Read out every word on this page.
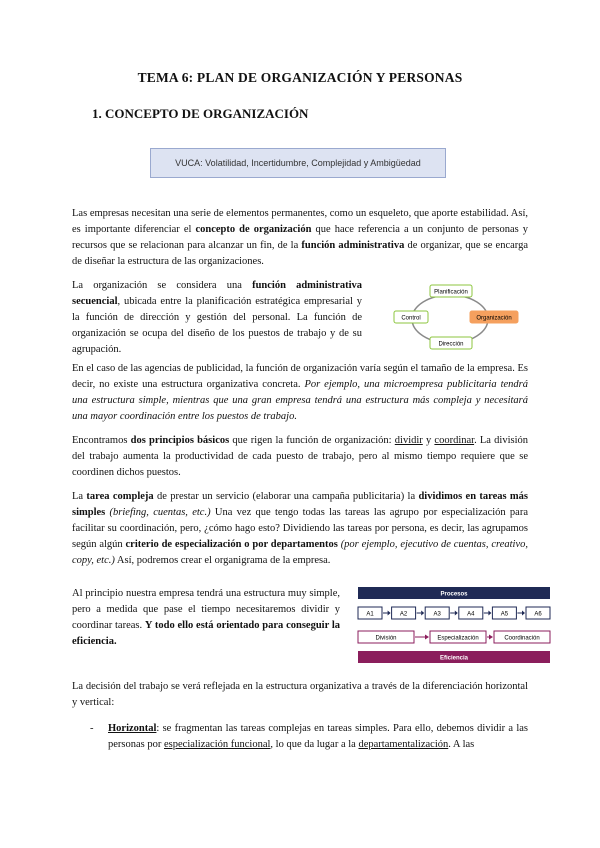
TEMA 6: PLAN DE ORGANIZACIÓN Y PERSONAS
1. CONCEPTO DE ORGANIZACIÓN
VUCA: Volatilidad, Incertidumbre, Complejidad y Ambigüedad
Las empresas necesitan una serie de elementos permanentes, como un esqueleto, que aporte estabilidad. Así, es importante diferenciar el concepto de organización que hace referencia a un conjunto de personas y recursos que se relacionan para alcanzar un fin, de la función administrativa de organizar, que se encarga de diseñar la estructura de las organizaciones.
La organización se considera una función administrativa secuencial, ubicada entre la planificación estratégica empresarial y la función de dirección y gestión del personal. La función de organización se ocupa del diseño de los puestos de trabajo y de su agrupación.
Planificación
Control	Organización
Dirección
En el caso de las agencias de publicidad, la función de organización varía según el tamaño de la empresa. Es decir, no existe una estructura organizativa concreta. Por ejemplo, una microempresa publicitaria tendrá una estructura simple, mientras que una gran empresa tendrá una estructura más compleja y necesitará una mayor coordinación entre los puestos de trabajo.
Encontramos dos principios básicos que rigen la función de organización: dividir y coordinar. La división del trabajo aumenta la productividad de cada puesto de trabajo, pero al mismo tiempo requiere que se coordinen dichos puestos.
La tarea compleja de prestar un servicio (elaborar una campaña publicitaria) la dividimos en tareas más simples (briefing, cuentas, etc.) Una vez que tengo todas las tareas las agrupo por especialización para facilitar su coordinación, pero, ¿cómo hago esto? Dividiendo las tareas por persona, es decir, las agrupamos según algún criterio de especialización o por departamentos (por ejemplo, ejecutivo de cuentas, creativo, copy, etc.) Así, podremos crear el organigrama de la empresa.
Al principio nuestra empresa tendrá una estructura muy simple, pero a medida que pase el tiempo necesitaremos dividir y coordinar tareas. Y todo ello está orientado para conseguir la eficiencia.
Procesos
A1	A2	A3	A4	A5	A6
División	Especialización	Coordinación
Eficiencia
La decisión del trabajo se verá reflejada en la estructura organizativa a través de la diferenciación horizontal y vertical:
- Horizontal: se fragmentan las tareas complejas en tareas simples. Para ello, debemos dividir a las personas por especialización funcional, lo que da lugar a la departamentalización. A las
